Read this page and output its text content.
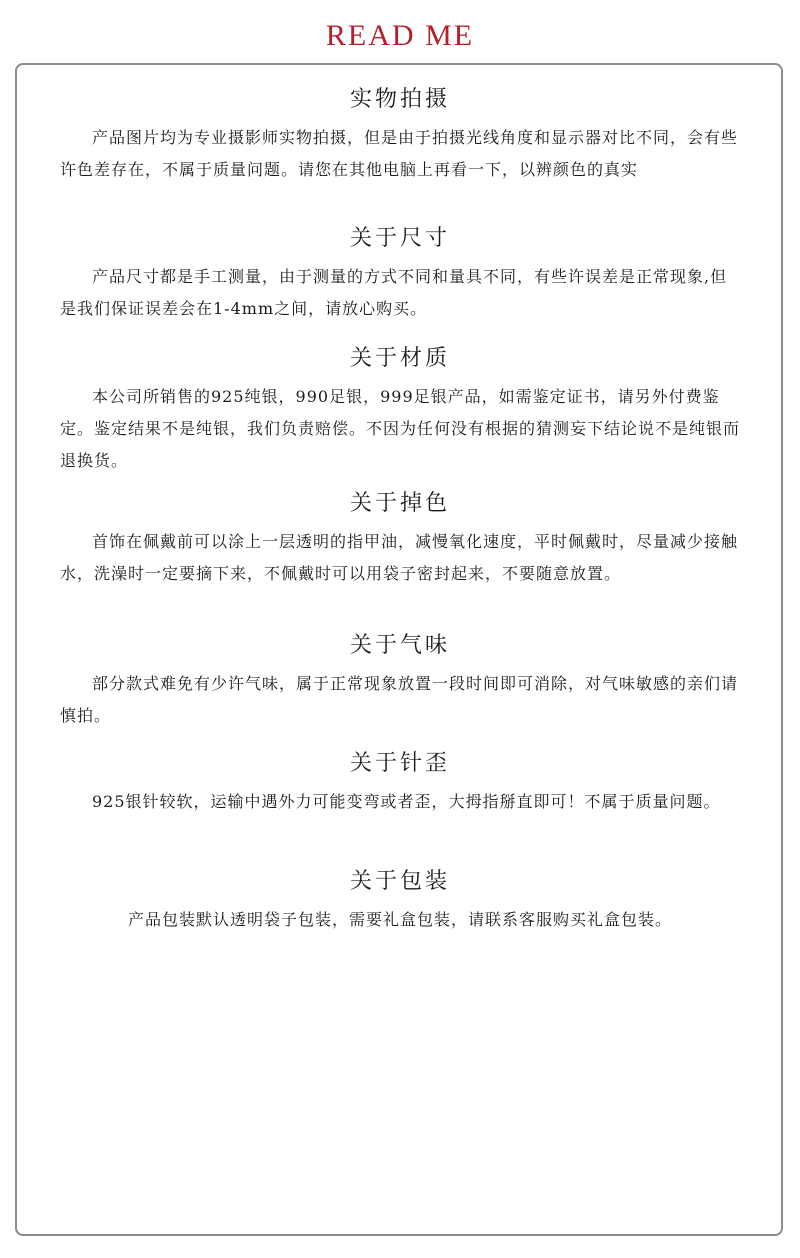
READ ME
实物拍摄

产品图片均为专业摄影师实物拍摄，但是由于拍摄光线角度和显示器对比不同，会有些许色差存在，不属于质量问题。请您在其他电脑上再看一下，以辨颜色的真实

关于尺寸

产品尺寸都是手工测量，由于测量的方式不同和量具不同，有些许误差是正常现象,但是我们保证误差会在1-4mm之间，请放心购买。

关于材质

本公司所销售的925纯银，990足银，999足银产品，如需鉴定证书，请另外付费鉴定。鉴定结果不是纯银，我们负责赔偿。不因为任何没有根据的猜测妄下结论说不是纯银而退换货。

关于掉色

首饰在佩戴前可以涂上一层透明的指甲油，减慢氧化速度，平时佩戴时，尽量减少接触水，洗澡时一定要摘下来，不佩戴时可以用袋子密封起来，不要随意放置。

关于气味

部分款式难免有少许气味，属于正常现象放置一段时间即可消除，对气味敏感的亲们请慎拍。

关于针歪

925银针较软，运输中遇外力可能变弯或者歪，大拇指掰直即可！不属于质量问题。

关于包装

产品包装默认透明袋子包装，需要礼盒包装，请联系客服购买礼盒包装。
